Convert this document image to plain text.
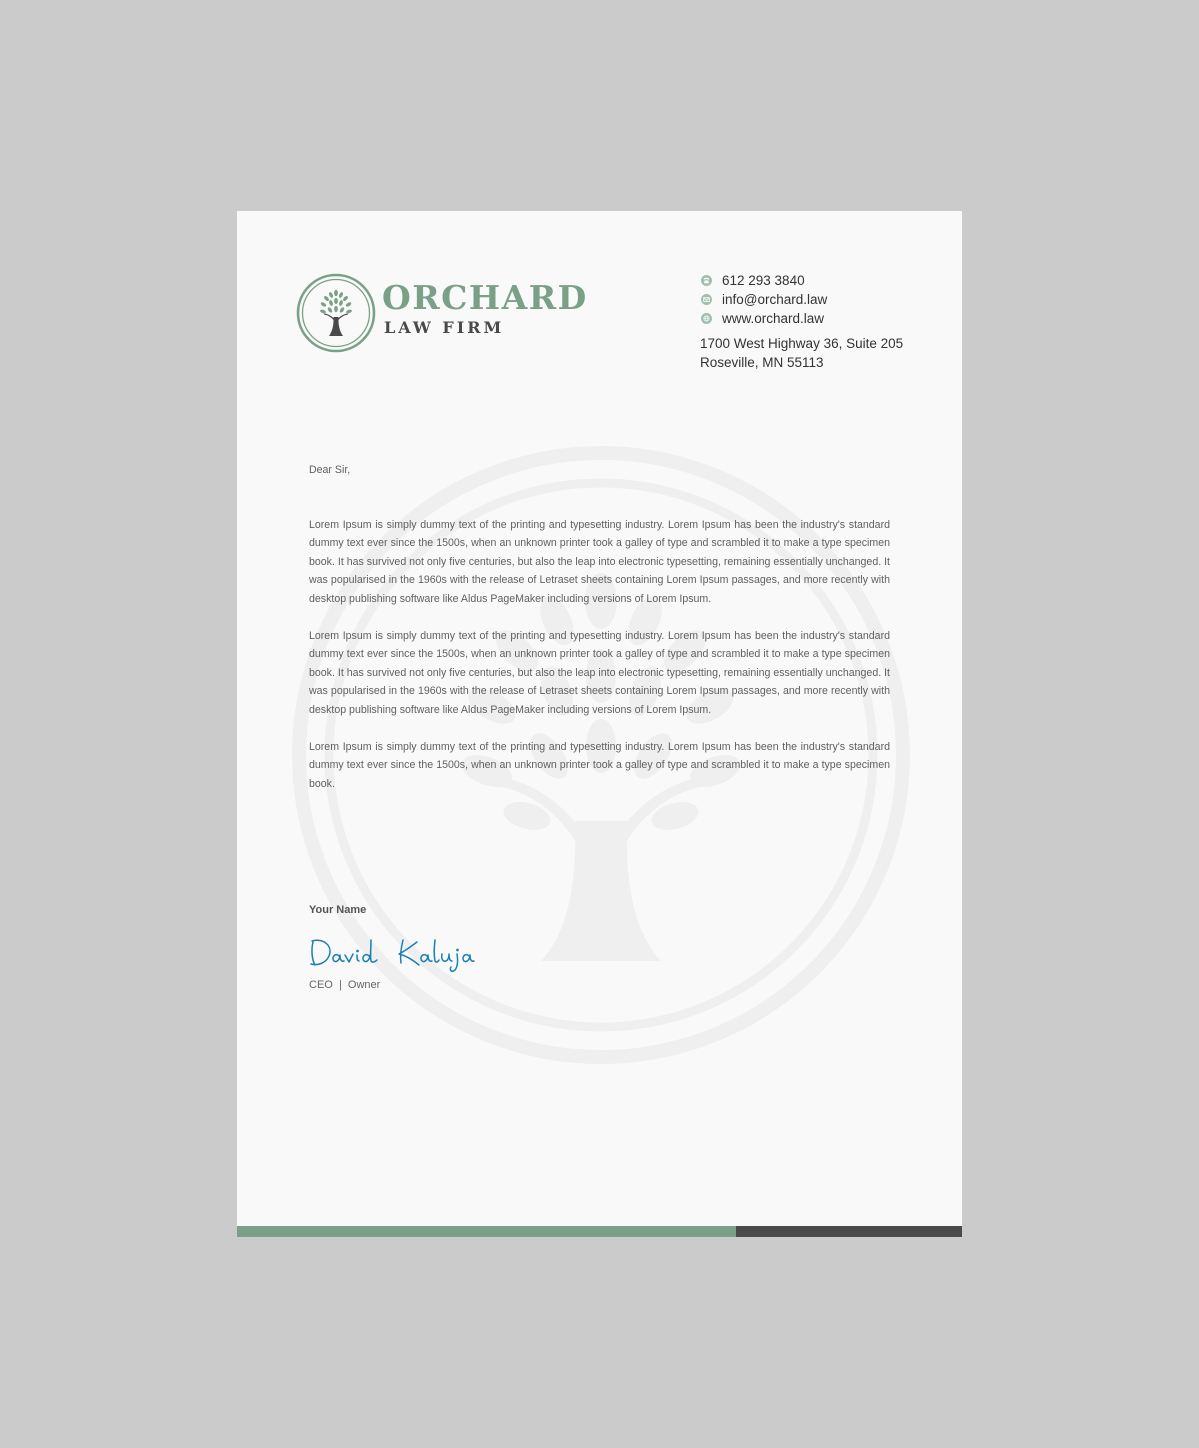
ORCHARD
LAW FIRM
612 293 3840
info@orchard.law
www.orchard.law
1700 West Highway 36, Suite 205
Roseville, MN 55113

Dear Sir,

Lorem Ipsum is simply dummy text of the printing and typesetting industry. Lorem Ipsum has been the industry's standard dummy text ever since the 1500s, when an unknown printer took a galley of type and scrambled it to make a type specimen book. It has survived not only five centuries, but also the leap into electronic typesetting, remaining essentially unchanged. It was popularised in the 1960s with the release of Letraset sheets containing Lorem Ipsum passages, and more recently with desktop publishing software like Aldus PageMaker including versions of Lorem Ipsum.

Lorem Ipsum is simply dummy text of the printing and typesetting industry. Lorem Ipsum has been the industry's standard dummy text ever since the 1500s, when an unknown printer took a galley of type and scrambled it to make a type specimen book. It has survived not only five centuries, but also the leap into electronic typesetting, remaining essentially unchanged. It was popularised in the 1960s with the release of Letraset sheets containing Lorem Ipsum passages, and more recently with desktop publishing software like Aldus PageMaker including versions of Lorem Ipsum.

Lorem Ipsum is simply dummy text of the printing and typesetting industry. Lorem Ipsum has been the industry's standard dummy text ever since the 1500s, when an unknown printer took a galley of type and scrambled it to make a type specimen book.

Your Name
CEO  |  Owner
